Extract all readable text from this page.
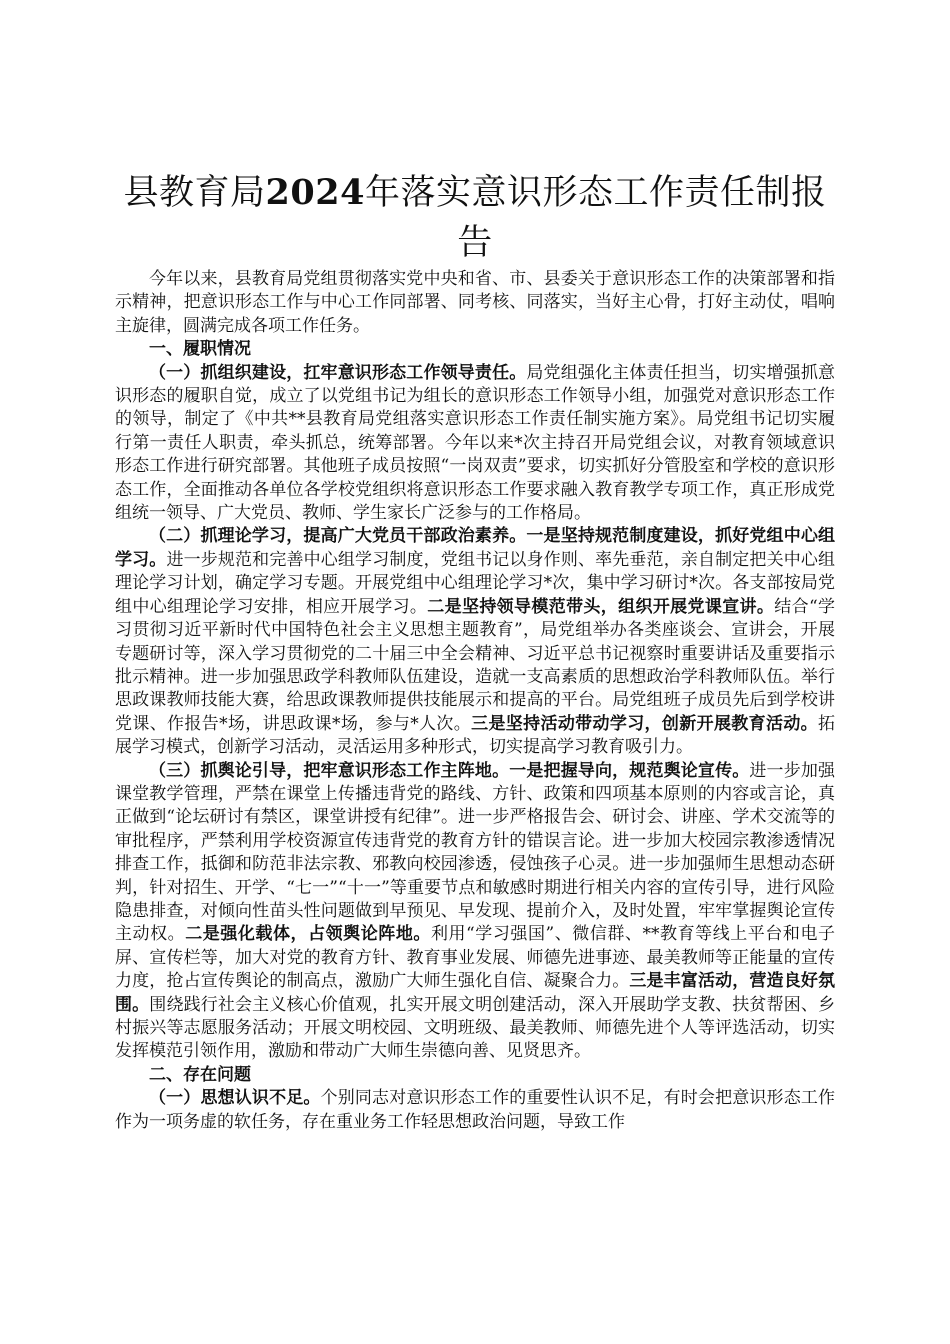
县教育局2024年落实意识形态工作责任制报告

今年以来，县教育局党组贯彻落实党中央和省、市、县委关于意识形态工作的决策部署和指示精神，把意识形态工作与中心工作同部署、同考核、同落实，当好主心骨，打好主动仗，唱响主旋律，圆满完成各项工作任务。

一、履职情况

（一）抓组织建设，扛牢意识形态工作领导责任。局党组强化主体责任担当，切实增强抓意识形态的履职自觉，成立了以党组书记为组长的意识形态工作领导小组，加强党对意识形态工作的领导，制定了《中共**县教育局党组落实意识形态工作责任制实施方案》。局党组书记切实履行第一责任人职责，牵头抓总，统筹部署。今年以来*次主持召开局党组会议，对教育领域意识形态工作进行研究部署。其他班子成员按照“一岗双责”要求，切实抓好分管股室和学校的意识形态工作，全面推动各单位各学校党组织将意识形态工作要求融入教育教学专项工作，真正形成党组统一领导、广大党员、教师、学生家长广泛参与的工作格局。

（二）抓理论学习，提高广大党员干部政治素养。一是坚持规范制度建设，抓好党组中心组学习。进一步规范和完善中心组学习制度，党组书记以身作则、率先垂范，亲自制定把关中心组理论学习计划，确定学习专题。开展党组中心组理论学习*次，集中学习研讨*次。各支部按局党组中心组理论学习安排，相应开展学习。二是坚持领导模范带头，组织开展党课宣讲。结合“学习贯彻习近平新时代中国特色社会主义思想主题教育”，局党组举办各类座谈会、宣讲会，开展专题研讨等，深入学习贯彻党的二十届三中全会精神、习近平总书记视察时重要讲话及重要指示批示精神。进一步加强思政学科教师队伍建设，造就一支高素质的思想政治学科教师队伍。举行思政课教师技能大赛，给思政课教师提供技能展示和提高的平台。局党组班子成员先后到学校讲党课、作报告*场，讲思政课*场，参与*人次。三是坚持活动带动学习，创新开展教育活动。拓展学习模式，创新学习活动，灵活运用多种形式，切实提高学习教育吸引力。

（三）抓舆论引导，把牢意识形态工作主阵地。一是把握导向，规范舆论宣传。进一步加强课堂教学管理，严禁在课堂上传播违背党的路线、方针、政策和四项基本原则的内容或言论，真正做到“论坛研讨有禁区，课堂讲授有纪律”。进一步严格报告会、研讨会、讲座、学术交流等的审批程序，严禁利用学校资源宣传违背党的教育方针的错误言论。进一步加大校园宗教渗透情况排查工作，抵御和防范非法宗教、邪教向校园渗透，侵蚀孩子心灵。进一步加强师生思想动态研判，针对招生、开学、“七一”“十一”等重要节点和敏感时期进行相关内容的宣传引导，进行风险隐患排查，对倾向性苗头性问题做到早预见、早发现、提前介入，及时处置，牢牢掌握舆论宣传主动权。二是强化载体，占领舆论阵地。利用“学习强国”、微信群、**教育等线上平台和电子屏、宣传栏等，加大对党的教育方针、教育事业发展、师德先进事迹、最美教师等正能量的宣传力度，抢占宣传舆论的制高点，激励广大师生强化自信、凝聚合力。三是丰富活动，营造良好氛围。围绕践行社会主义核心价值观，扎实开展文明创建活动，深入开展助学支教、扶贫帮困、乡村振兴等志愿服务活动；开展文明校园、文明班级、最美教师、师德先进个人等评选活动，切实发挥模范引领作用，激励和带动广大师生崇德向善、见贤思齐。

二、存在问题

（一）思想认识不足。个别同志对意识形态工作的重要性认识不足，有时会把意识形态工作作为一项务虚的软任务，存在重业务工作轻思想政治问题，导致工作
